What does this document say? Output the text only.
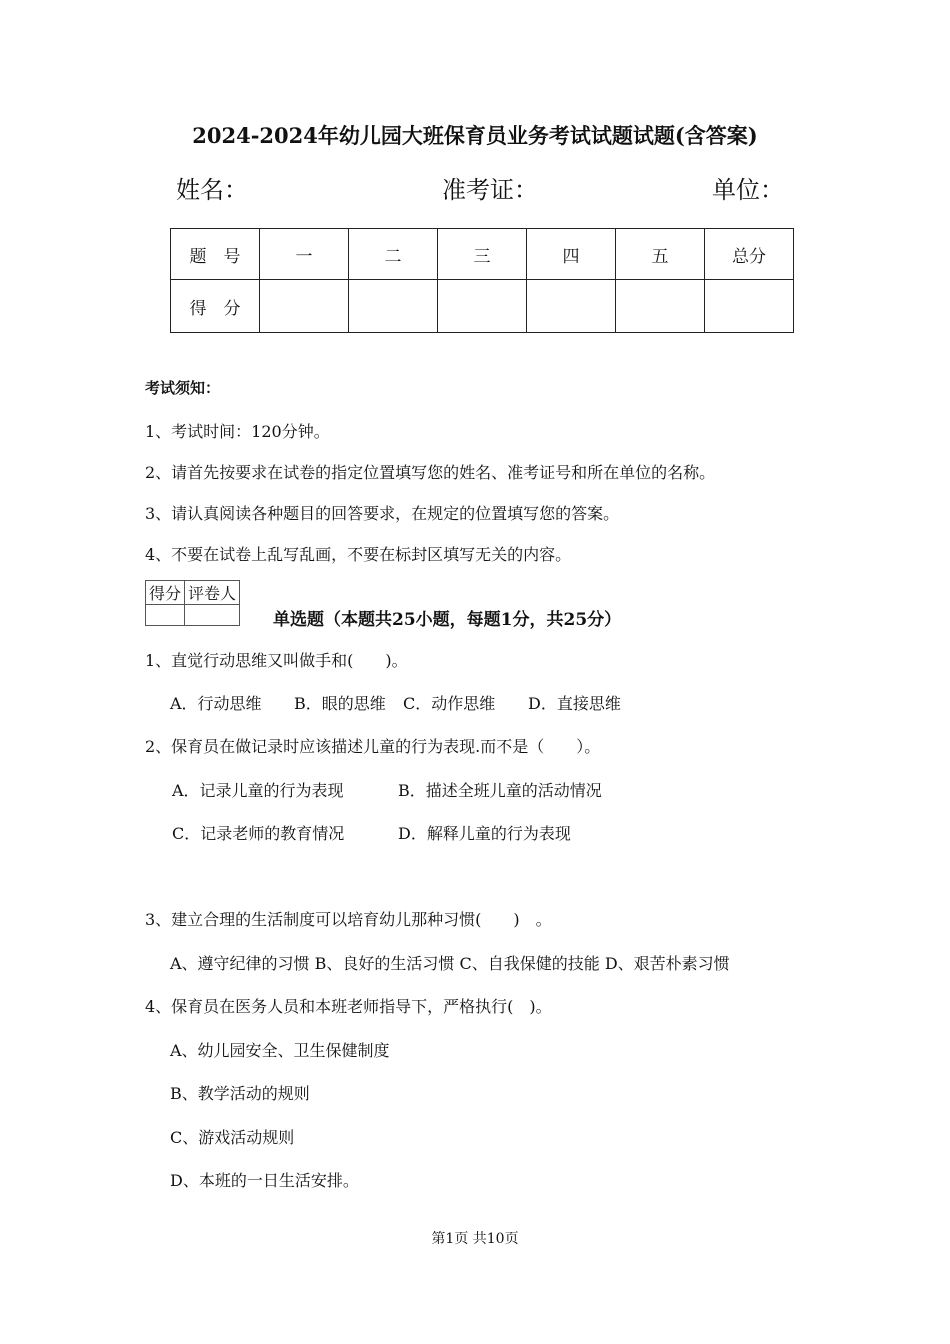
2024-2024年幼儿园大班保育员业务考试试题试题(含答案)
姓名：	准考证：	单位：
题　号	一	二	三	四	五	总分
得　分						
考试须知：
1、考试时间：120分钟。
2、请首先按要求在试卷的指定位置填写您的姓名、准考证号和所在单位的名称。
3、请认真阅读各种题目的回答要求，在规定的位置填写您的答案。
4、不要在试卷上乱写乱画，不要在标封区填写无关的内容。
得分	评卷人

单选题（本题共25小题，每题1分，共25分）
1、直觉行动思维又叫做手和(　　)。
A．行动思维 B．眼的思维 C．动作思维 D．直接思维
2、保育员在做记录时应该描述儿童的行为表现.而不是（　　）。
A．记录儿童的行为表现	B．描述全班儿童的活动情况
C．记录老师的教育情况	D．解释儿童的行为表现
3、建立合理的生活制度可以培育幼儿那种习惯(　　)　。
A、遵守纪律的习惯 B、良好的生活习惯 C、自我保健的技能 D、艰苦朴素习惯
4、保育员在医务人员和本班老师指导下，严格执行(　)。
A、幼儿园安全、卫生保健制度
B、教学活动的规则
C、游戏活动规则
D、本班的一日生活安排。
第1页 共10页
